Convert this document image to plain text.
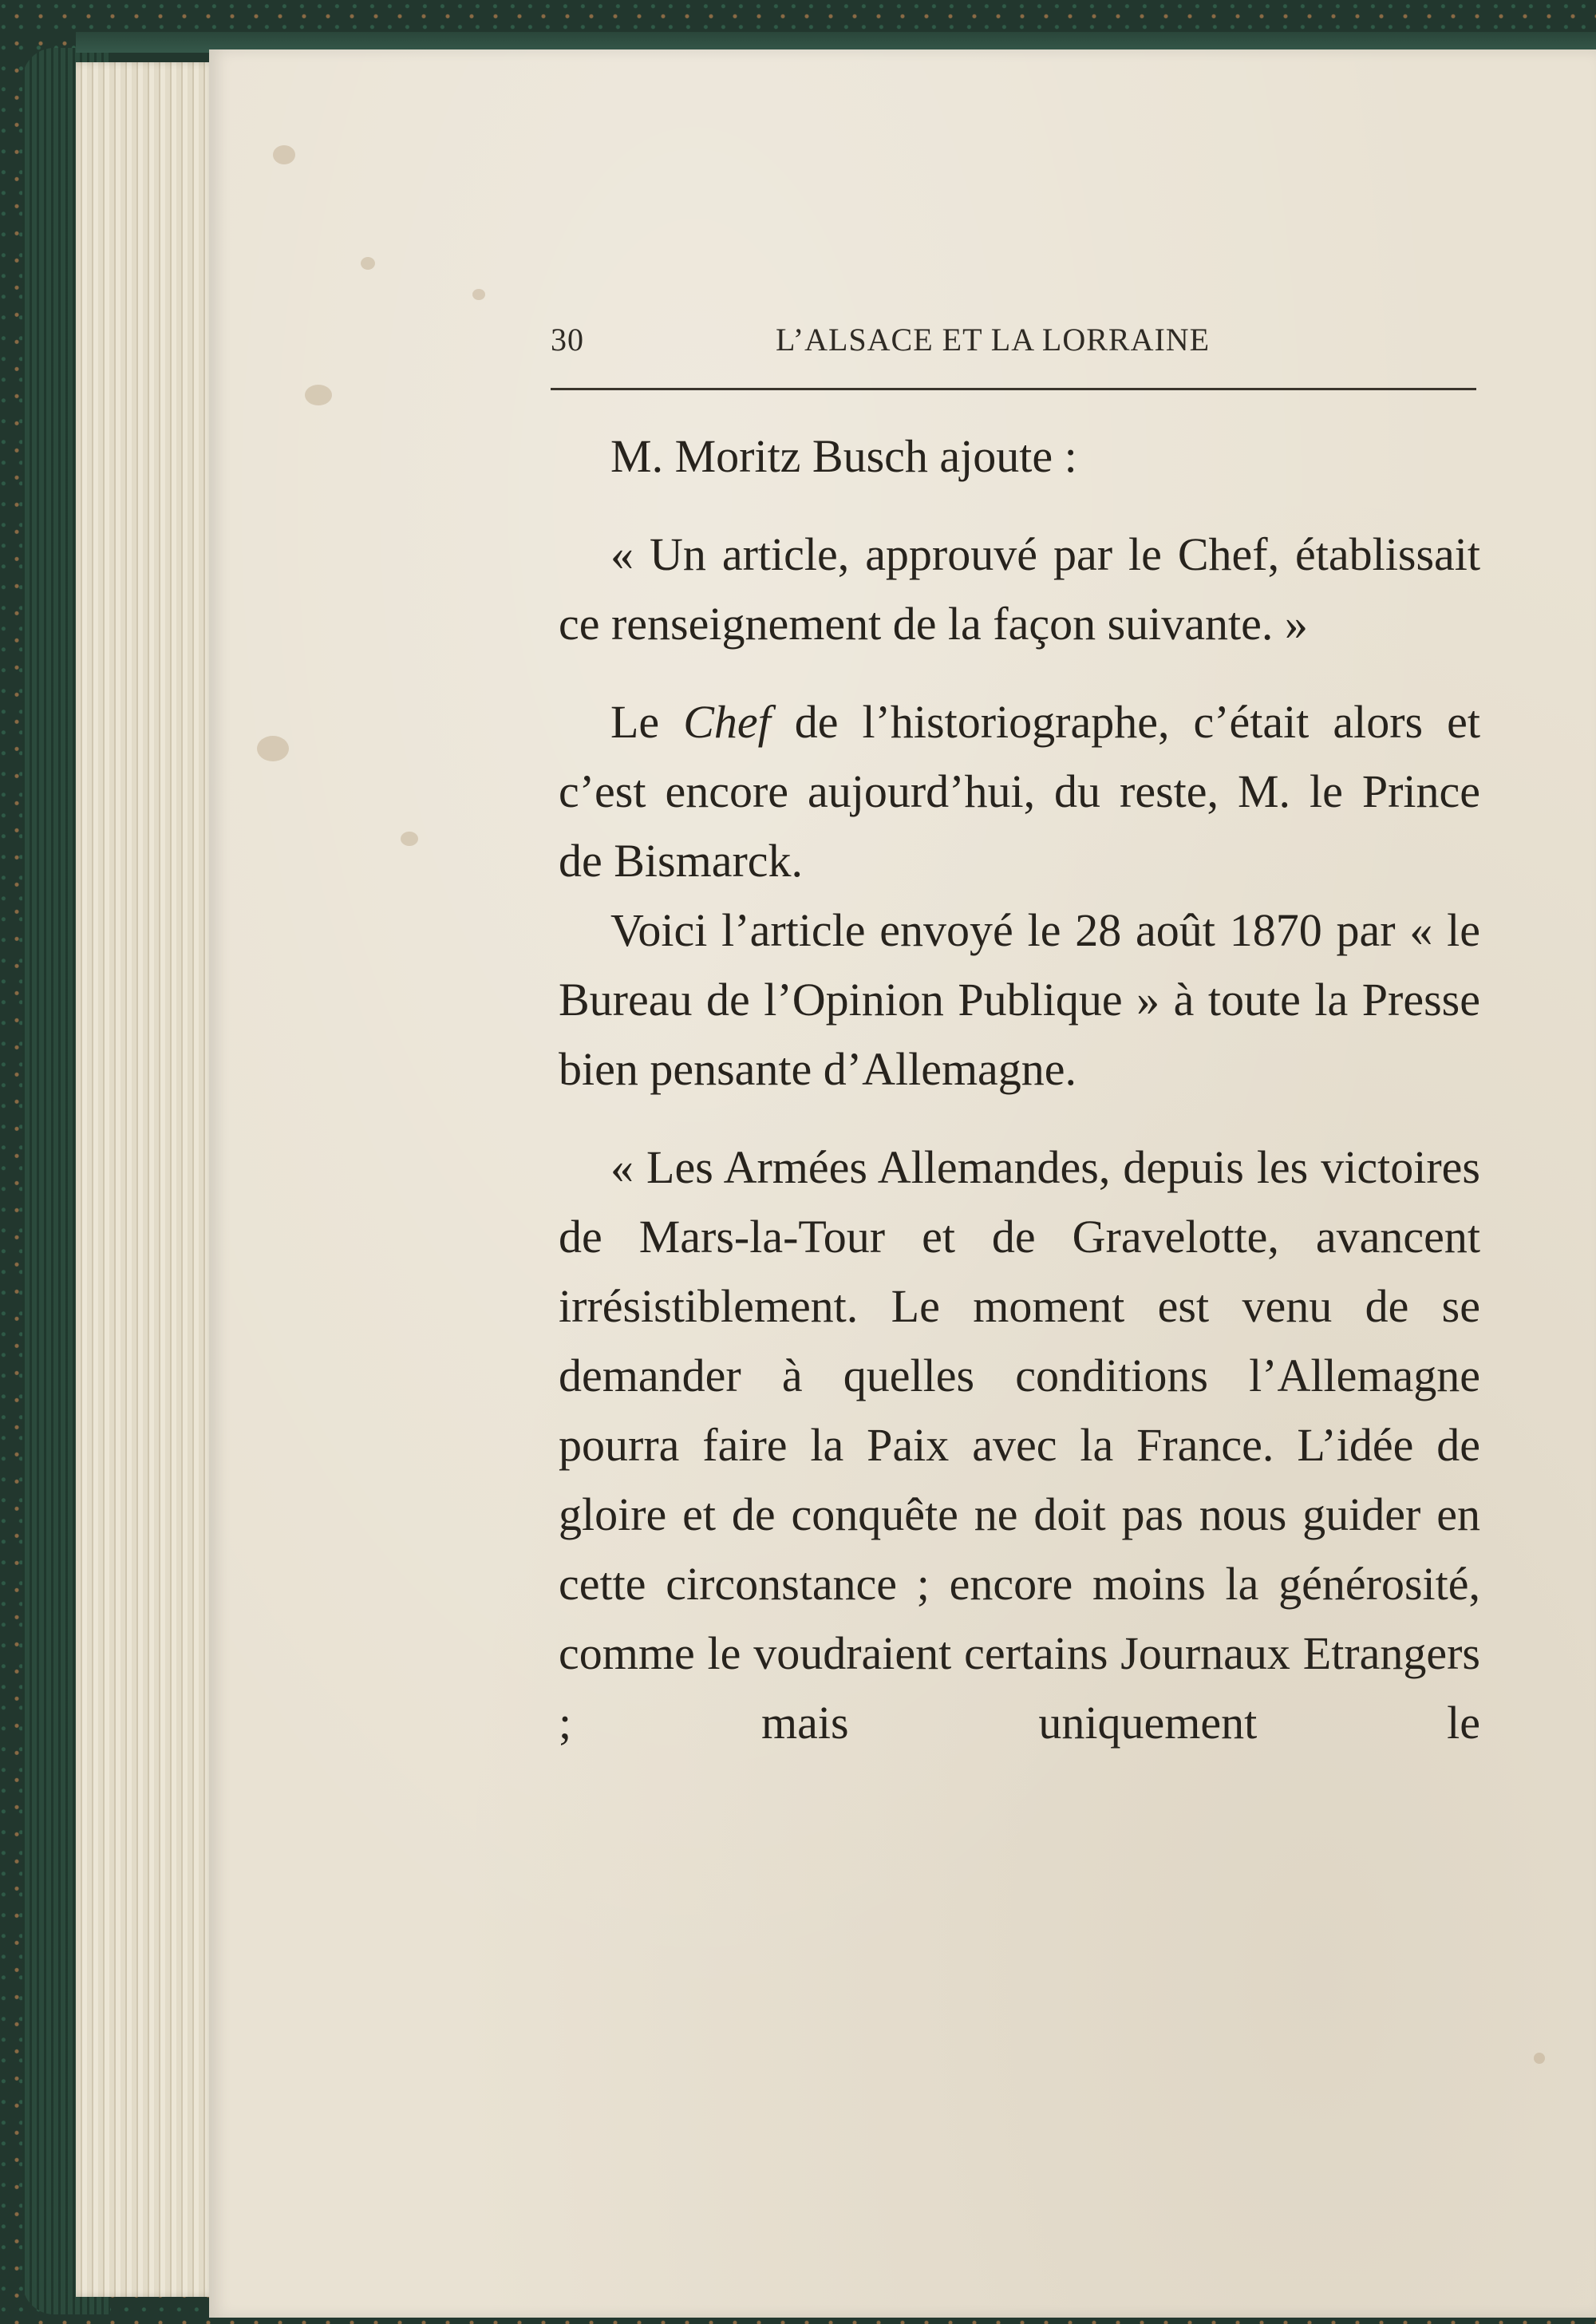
30	L’ALSACE ET LA LORRAINE

M. Moritz Busch ajoute :

« Un article, approuvé par le Chef, établissait ce renseignement de la façon suivante. »

Le Chef de l’historiographe, c’était alors et c’est encore aujourd’hui, du reste, M. le Prince de Bismarck.

Voici l’article envoyé le 28 août 1870 par « le Bureau de l’Opinion Publique » à toute la Presse bien pensante d’Allemagne.

« Les Armées Allemandes, depuis les victoires de Mars-la-Tour et de Gravelotte, avancent irrésistiblement. Le moment est venu de se demander à quelles conditions l’Allemagne pourra faire la Paix avec la France. L’idée de gloire et de conquête ne doit pas nous guider en cette circonstance ; encore moins la générosité, comme le voudraient certains Journaux Etrangers ; mais uniquement le
